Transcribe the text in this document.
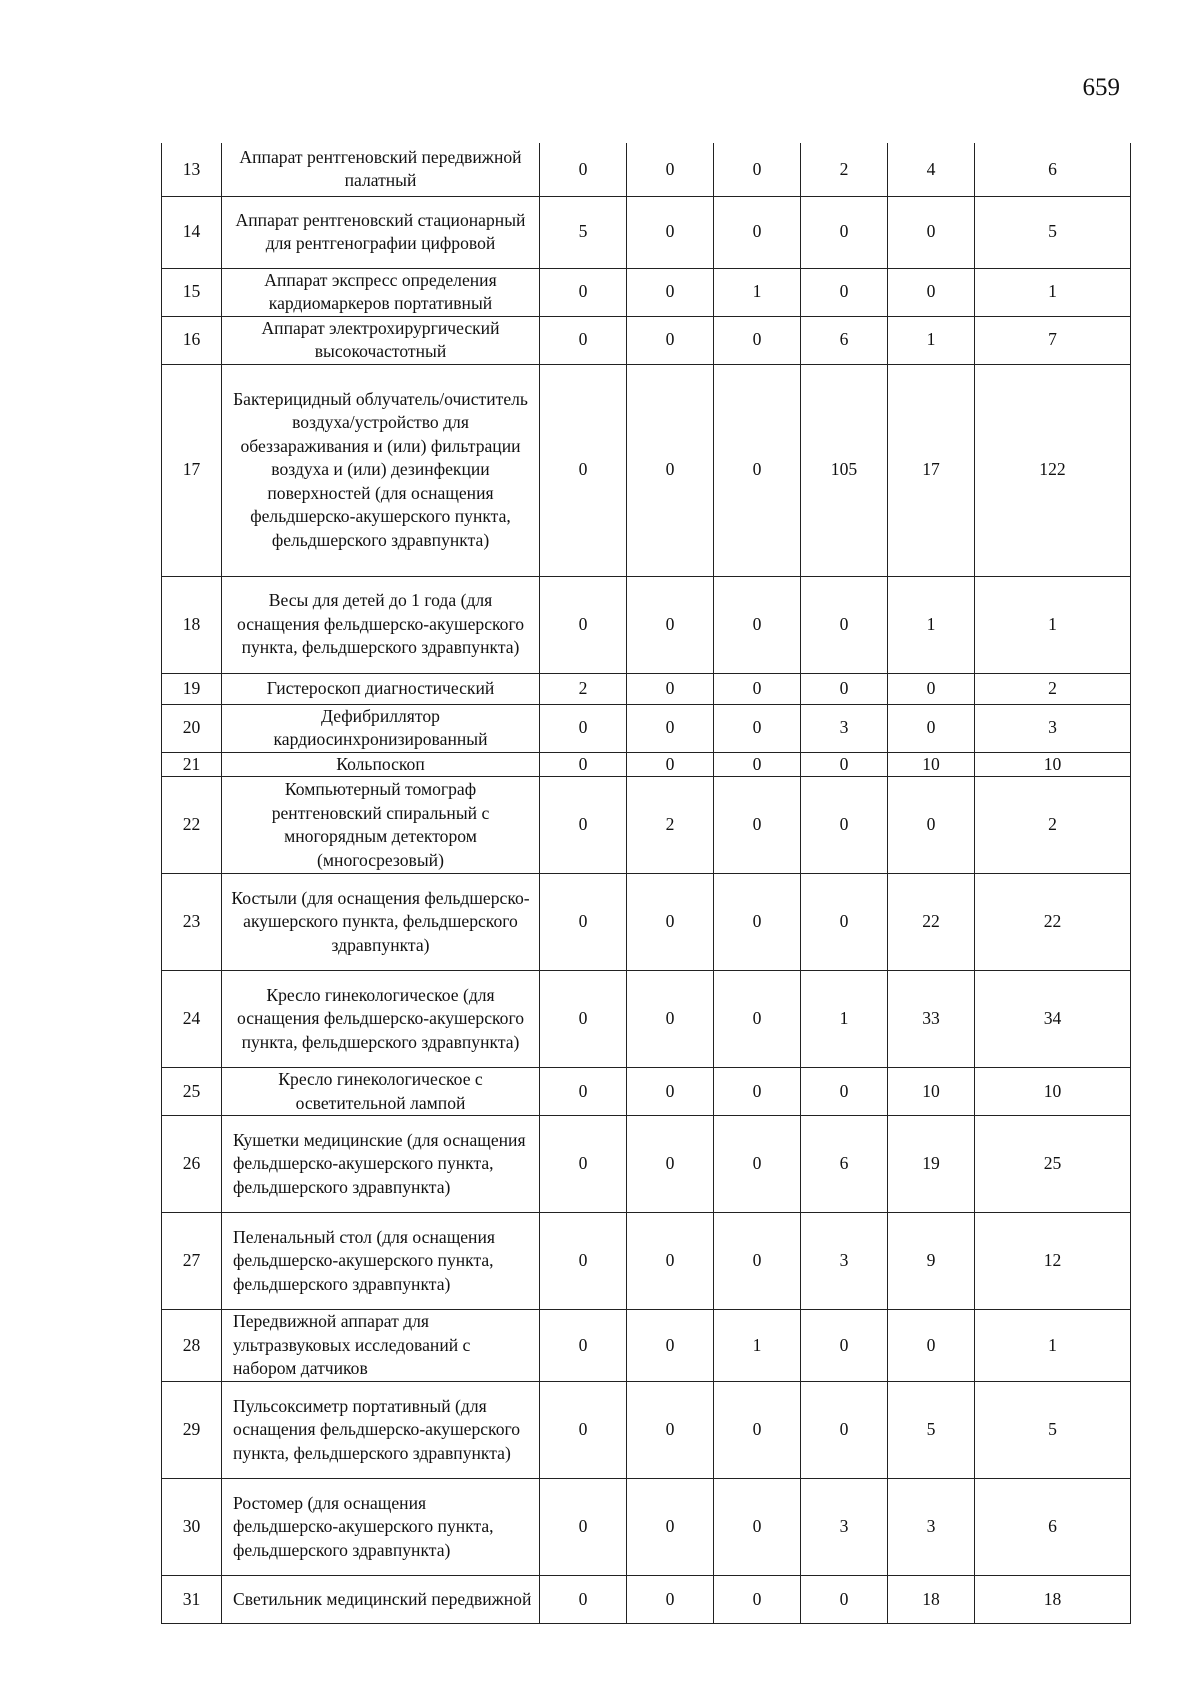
659
13	Аппарат рентгеновский передвижной палатный	0	0	0	2	4	6
14	Аппарат рентгеновский стационарный для рентгенографии цифровой	5	0	0	0	0	5
15	Аппарат экспресс определения кардиомаркеров портативный	0	0	1	0	0	1
16	Аппарат электрохирургический высокочастотный	0	0	0	6	1	7
17	Бактерицидный облучатель/очиститель воздуха/устройство для обеззараживания и (или) фильтрации воздуха и (или) дезинфекции поверхностей (для оснащения фельдшерско-акушерского пункта, фельдшерского здравпункта)	0	0	0	105	17	122
18	Весы для детей до 1 года (для оснащения фельдшерско-акушерского пункта, фельдшерского здравпункта)	0	0	0	0	1	1
19	Гистероскоп диагностический	2	0	0	0	0	2
20	Дефибриллятор кардиосинхронизированный	0	0	0	3	0	3
21	Кольпоскоп	0	0	0	0	10	10
22	Компьютерный томограф рентгеновский спиральный с многорядным детектором (многосрезовый)	0	2	0	0	0	2
23	Костыли (для оснащения фельдшерско-акушерского пункта, фельдшерского здравпункта)	0	0	0	0	22	22
24	Кресло гинекологическое (для оснащения фельдшерско-акушерского пункта, фельдшерского здравпункта)	0	0	0	1	33	34
25	Кресло гинекологическое с осветительной лампой	0	0	0	0	10	10
26	Кушетки медицинские (для оснащения фельдшерско-акушерского пункта, фельдшерского здравпункта)	0	0	0	6	19	25
27	Пеленальный стол (для оснащения фельдшерско-акушерского пункта, фельдшерского здравпункта)	0	0	0	3	9	12
28	Передвижной аппарат для ультразвуковых исследований с набором датчиков	0	0	1	0	0	1
29	Пульсоксиметр портативный (для оснащения фельдшерско-акушерского пункта, фельдшерского здравпункта)	0	0	0	0	5	5
30	Ростомер (для оснащения фельдшерско-акушерского пункта, фельдшерского здравпункта)	0	0	0	3	3	6
31	Светильник медицинский передвижной	0	0	0	0	18	18
